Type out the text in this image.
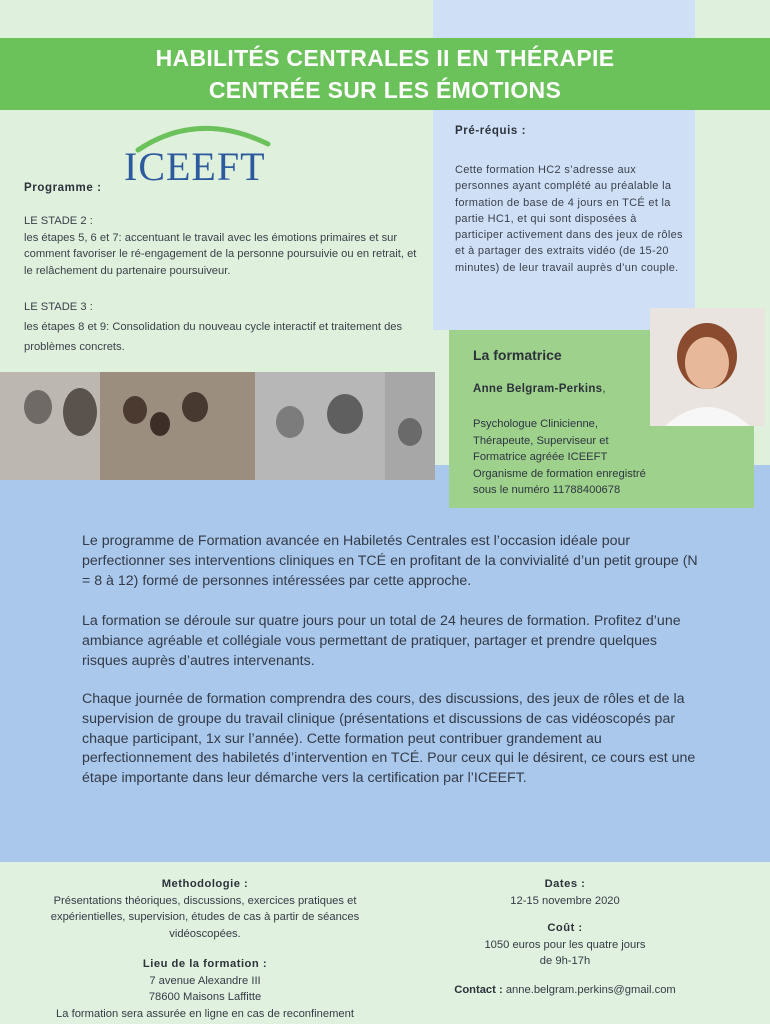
HABILITÉS CENTRALES II EN THÉRAPIE
CENTRÉE SUR LES ÉMOTIONS
ICEEFT
Programme :
LE STADE 2 :
les étapes 5, 6 et 7: accentuant le travail avec les émotions primaires et sur comment favoriser le ré-engagement de la personne poursuivie ou en retrait, et le relâchement du partenaire poursuiveur.
LE STADE 3 :
les étapes 8 et 9: Consolidation du nouveau cycle interactif et traitement des problèmes concrets.
Pré-réquis :
Cette formation HC2 s’adresse aux personnes ayant complété au préalable la formation de base de 4 jours en TCÉ et la partie HC1, et qui sont disposées à participer activement dans des jeux de rôles et à partager des extraits vidéo (de 15-20 minutes) de leur travail auprès d’un couple.
La formatrice
Anne Belgram-Perkins,
Psychologue Clinicienne,
Thérapeute, Superviseur et
Formatrice agréée ICEEFT
Organisme de formation enregistré
sous le numéro 11788400678
Le programme de Formation avancée en Habiletés Centrales est l’occasion idéale pour perfectionner ses interventions cliniques en TCÉ en profitant de la convivialité d’un petit groupe (N = 8 à 12) formé de personnes intéressées par cette approche.
La formation se déroule sur quatre jours pour un total de 24 heures de formation. Profitez d’une ambiance agréable et collégiale vous permettant de pratiquer, partager et prendre quelques risques auprès d’autres intervenants.
Chaque journée de formation comprendra des cours, des discussions, des jeux de rôles et de la supervision de groupe du travail clinique (présentations et discussions de cas vidéoscopés par chaque participant, 1x sur l’année). Cette formation peut contribuer grandement au perfectionnement des habiletés d’intervention en TCÉ. Pour ceux qui le désirent, ce cours est une étape importante dans leur démarche vers la certification par l’ICEEFT.
Methodologie :
Présentations théoriques, discussions, exercices pratiques et expérientielles, supervision, études de cas à partir de séances vidéoscopées.
Lieu de la formation :
7 avenue Alexandre III
78600 Maisons Laffitte
La formation sera assurée en ligne en cas de reconfinement
Dates :
12-15 novembre 2020
Coût :
1050 euros pour les quatre jours
de 9h-17h
Contact : anne.belgram.perkins@gmail.com
